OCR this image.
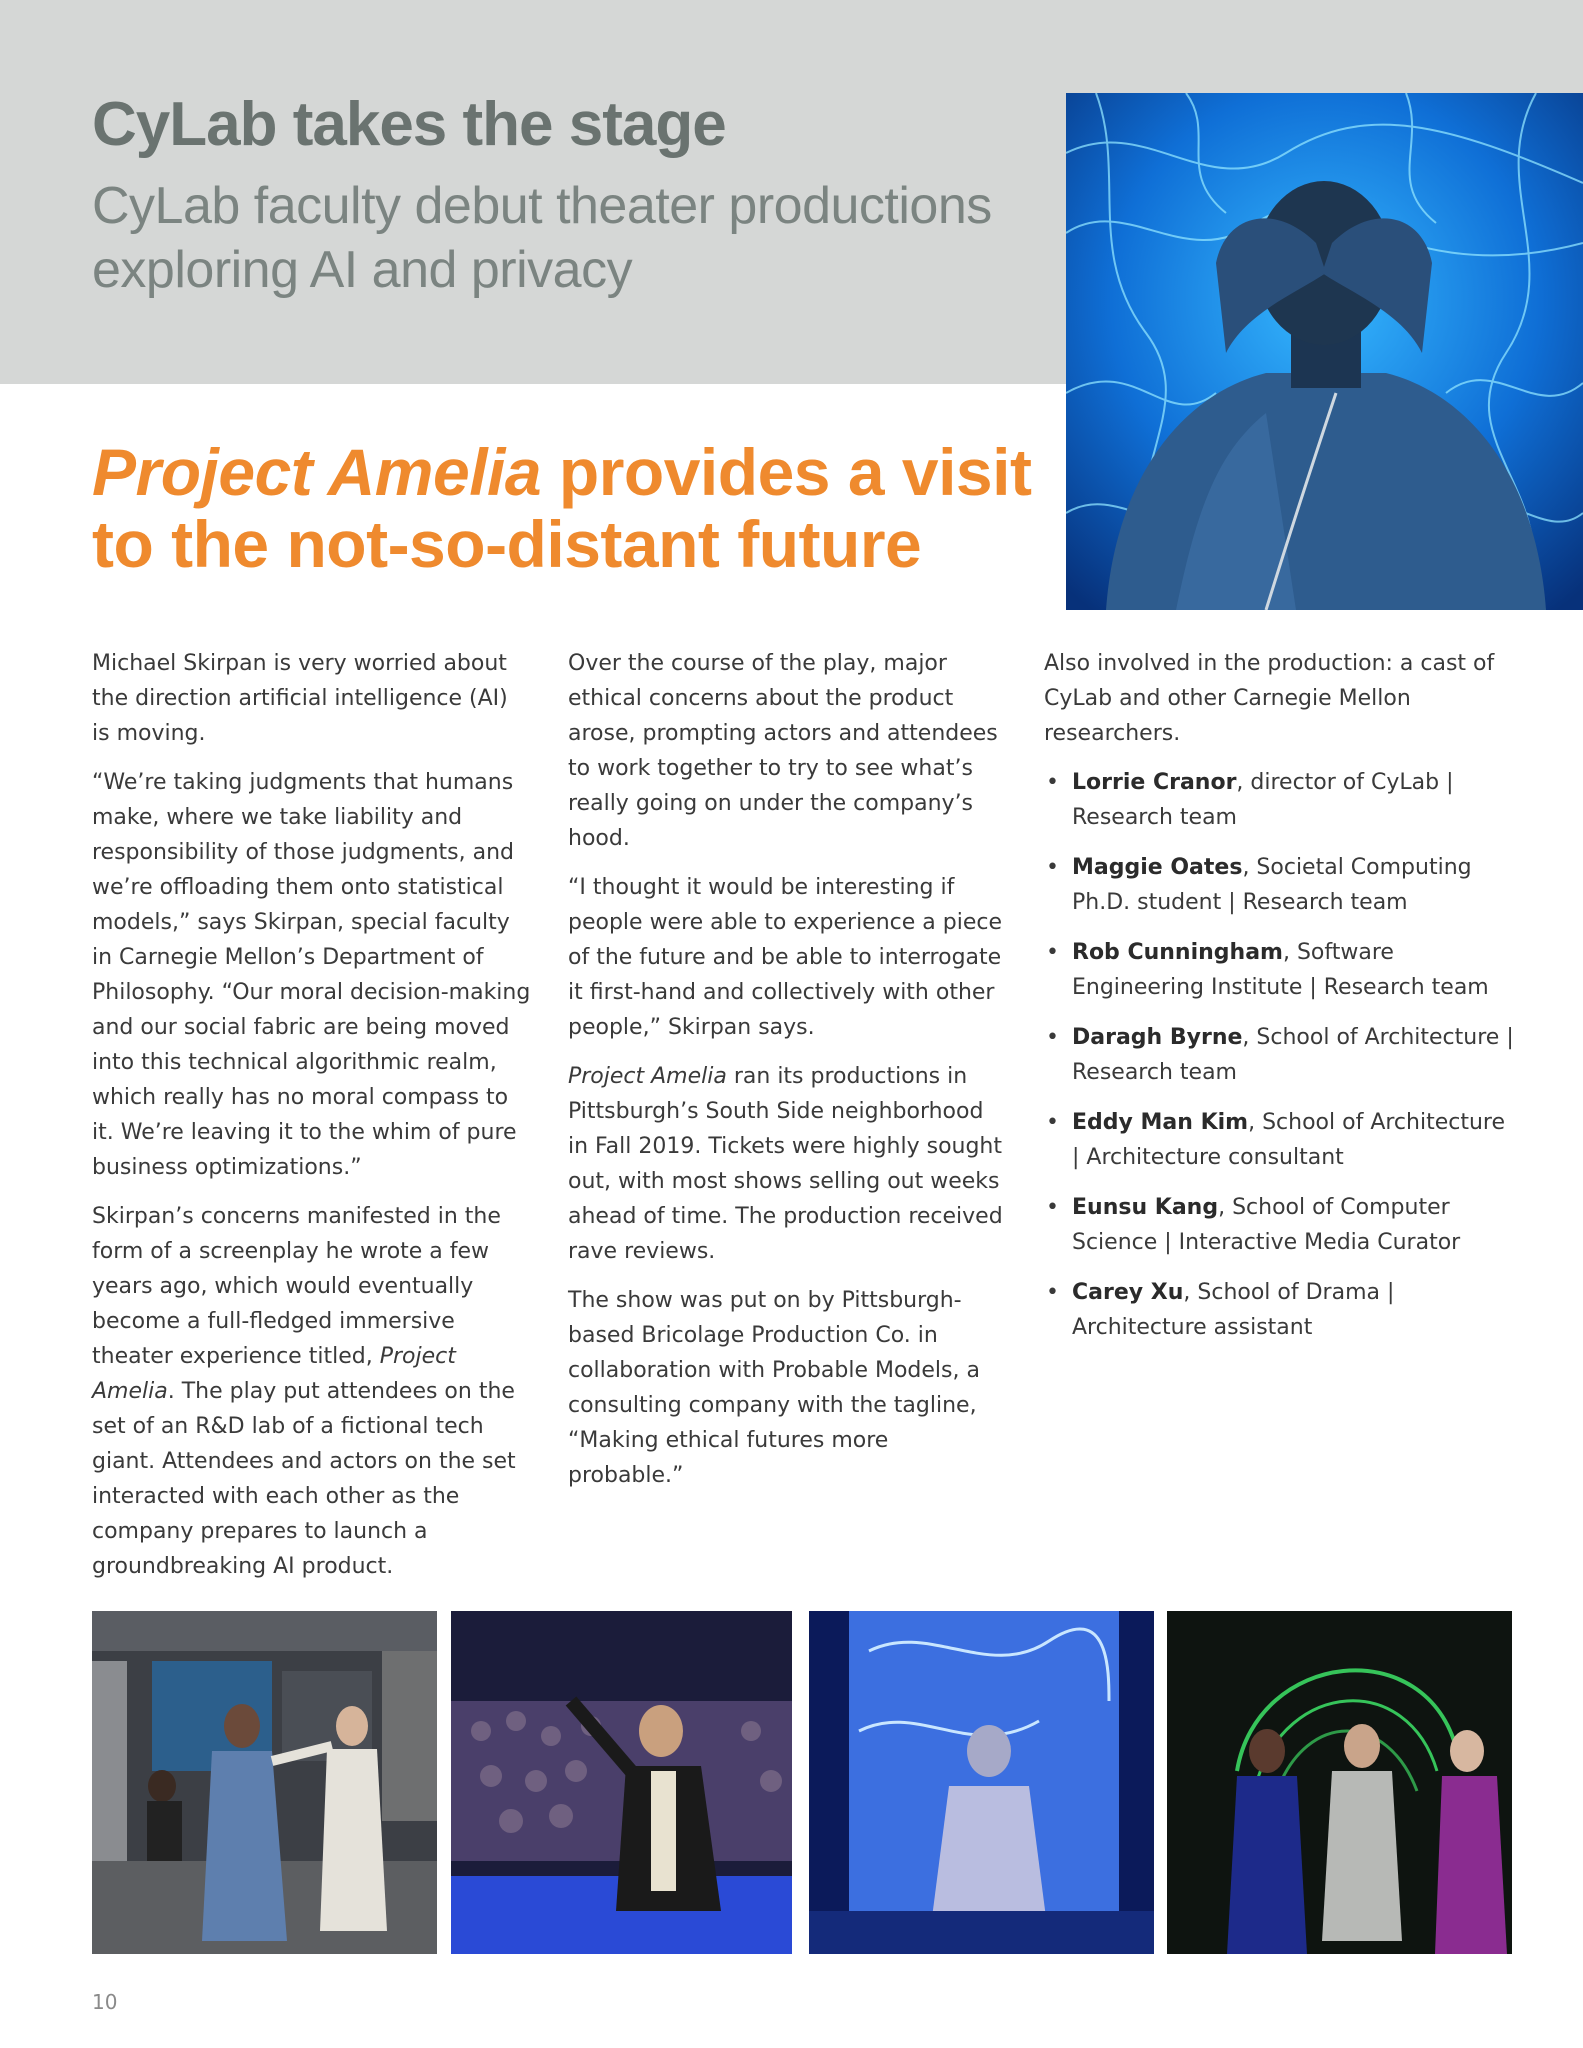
CyLab takes the stage
CyLab faculty debut theater productions exploring AI and privacy
Project Amelia provides a visit to the not-so-distant future

Michael Skirpan is very worried about the direction artificial intelligence (AI) is moving.

“We’re taking judgments that humans make, where we take liability and responsibility of those judgments, and we’re offloading them onto statistical models,” says Skirpan, special faculty in Carnegie Mellon’s Department of Philosophy. “Our moral decision-making and our social fabric are being moved into this technical algorithmic realm, which really has no moral compass to it. We’re leaving it to the whim of pure business optimizations.”

Skirpan’s concerns manifested in the form of a screenplay he wrote a few years ago, which would eventually become a full-fledged immersive theater experience titled, Project Amelia. The play put attendees on the set of an R&D lab of a fictional tech giant. Attendees and actors on the set interacted with each other as the company prepares to launch a groundbreaking AI product.

Over the course of the play, major ethical concerns about the product arose, prompting actors and attendees to work together to try to see what’s really going on under the company’s hood.

“I thought it would be interesting if people were able to experience a piece of the future and be able to interrogate it first-hand and collectively with other people,” Skirpan says.

Project Amelia ran its productions in Pittsburgh’s South Side neighborhood in Fall 2019. Tickets were highly sought out, with most shows selling out weeks ahead of time. The production received rave reviews.

The show was put on by Pittsburgh-based Bricolage Production Co. in collaboration with Probable Models, a consulting company with the tagline, “Making ethical futures more probable.”

Also involved in the production: a cast of CyLab and other Carnegie Mellon researchers.

• Lorrie Cranor, director of CyLab | Research team
• Maggie Oates, Societal Computing Ph.D. student | Research team
• Rob Cunningham, Software Engineering Institute | Research team
• Daragh Byrne, School of Architecture | Research team
• Eddy Man Kim, School of Architecture | Architecture consultant
• Eunsu Kang, School of Computer Science | Interactive Media Curator
• Carey Xu, School of Drama | Architecture assistant
10
